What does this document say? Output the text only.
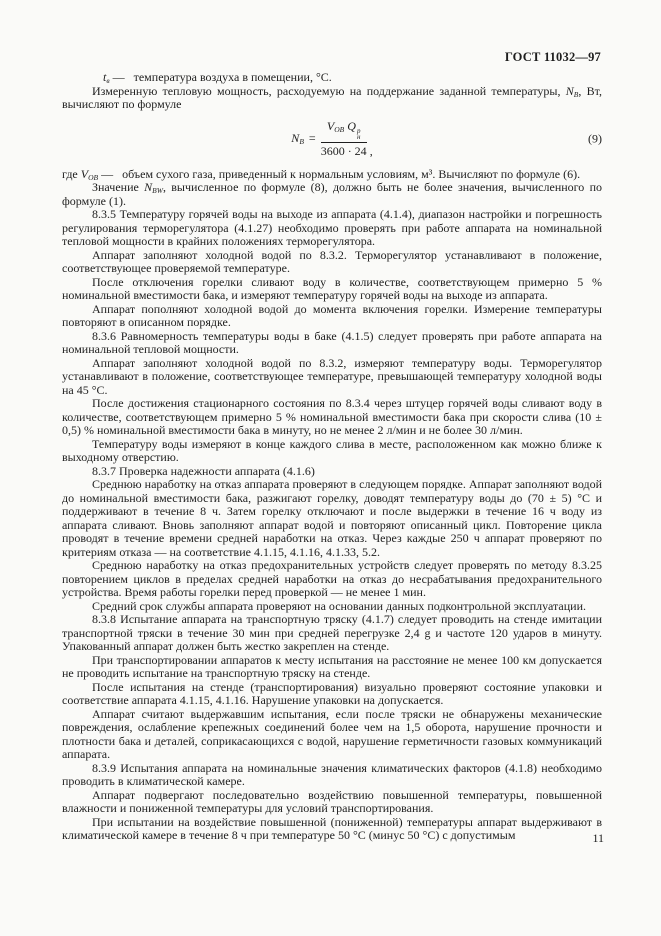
ГОСТ 11032—97

$t_в$ —   температура воздуха в помещении, °С.

Измеренную тепловую мощность, расходуемую на поддержание заданной температуры, $N_В$, Вт, вычисляют по формуле

$N_В = V_{ОВ}$ Q р
н
3600 · 24 ,
(9)

где $V_{ОВ}$ —   объем сухого газа, приведенный к нормальным условиям, м³. Вычисляют по формуле (6).

Значение $N_{ВW}$, вычисленное по формуле (8), должно быть не более значения, вычисленного по формуле (1).

8.3.5 Температуру горячей воды на выходе из аппарата (4.1.4), диапазон настройки и погрешность регулирования терморегулятора (4.1.27) необходимо проверять при работе аппарата на номинальной тепловой мощности в крайних положениях терморегулятора.

Аппарат заполняют холодной водой по 8.3.2. Терморегулятор устанавливают в положение, соответствующее проверяемой температуре.

После отключения горелки сливают воду в количестве, соответствующем примерно 5 % номинальной вместимости бака, и измеряют температуру горячей воды на выходе из аппарата.

Аппарат пополняют холодной водой до момента включения горелки. Измерение температуры повторяют в описанном порядке.

8.3.6 Равномерность температуры воды в баке (4.1.5) следует проверять при работе аппарата на номинальной тепловой мощности.

Аппарат заполняют холодной водой по 8.3.2, измеряют температуру воды. Терморегулятор устанавливают в положение, соответствующее температуре, превышающей температуру холодной воды на 45 °С.

После достижения стационарного состояния по 8.3.4 через штуцер горячей воды сливают воду в количестве, соответствующем примерно 5 % номинальной вместимости бака при скорости слива (10 ± 0,5) % номинальной вместимости бака в минуту, но не менее 2 л/мин и не более 30 л/мин.

Температуру воды измеряют в конце каждого слива в месте, расположенном как можно ближе к выходному отверстию.

8.3.7 Проверка надежности аппарата (4.1.6)

Среднюю наработку на отказ аппарата проверяют в следующем порядке. Аппарат заполняют водой до номинальной вместимости бака, разжигают горелку, доводят температуру воды до (70 ± 5) °С и поддерживают в течение 8 ч. Затем горелку отключают и после выдержки в течение 16 ч воду из аппарата сливают. Вновь заполняют аппарат водой и повторяют описанный цикл. Повторение цикла проводят в течение времени средней наработки на отказ. Через каждые 250 ч аппарат проверяют по критериям отказа — на соответствие 4.1.15, 4.1.16, 4.1.33, 5.2.

Среднюю наработку на отказ предохранительных устройств следует проверять по методу 8.3.25 повторением циклов в пределах средней наработки на отказ до несрабатывания предохранительного устройства. Время работы горелки перед проверкой — не менее 1 мин.

Средний срок службы аппарата проверяют на основании данных подконтрольной эксплуатации.

8.3.8 Испытание аппарата на транспортную тряску (4.1.7) следует проводить на стенде имитации транспортной тряски в течение 30 мин при средней перегрузке 2,4 g и частоте 120 ударов в минуту. Упакованный аппарат должен быть жестко закреплен на стенде.

При транспортировании аппаратов к месту испытания на расстояние не менее 100 км допускается не проводить испытание на транспортную тряску на стенде.

После испытания на стенде (транспортирования) визуально проверяют состояние упаковки и соответствие аппарата 4.1.15, 4.1.16. Нарушение упаковки на допускается.

Аппарат считают выдержавшим испытания, если после тряски не обнаружены механические повреждения, ослабление крепежных соединений более чем на 1,5 оборота, нарушение прочности и плотности бака и деталей, соприкасающихся с водой, нарушение герметичности газовых коммуникаций аппарата.

8.3.9 Испытания аппарата на номинальные значения климатических факторов (4.1.8) необходимо проводить в климатической камере.

Аппарат подвергают последовательно воздействию повышенной температуры, повышенной влажности и пониженной температуры для условий транспортирования.

При испытании на воздействие повышенной (пониженной) температуры аппарат выдерживают в климатической камере в течение 8 ч при температуре 50 °С (минус 50 °С) с допустимым	11
